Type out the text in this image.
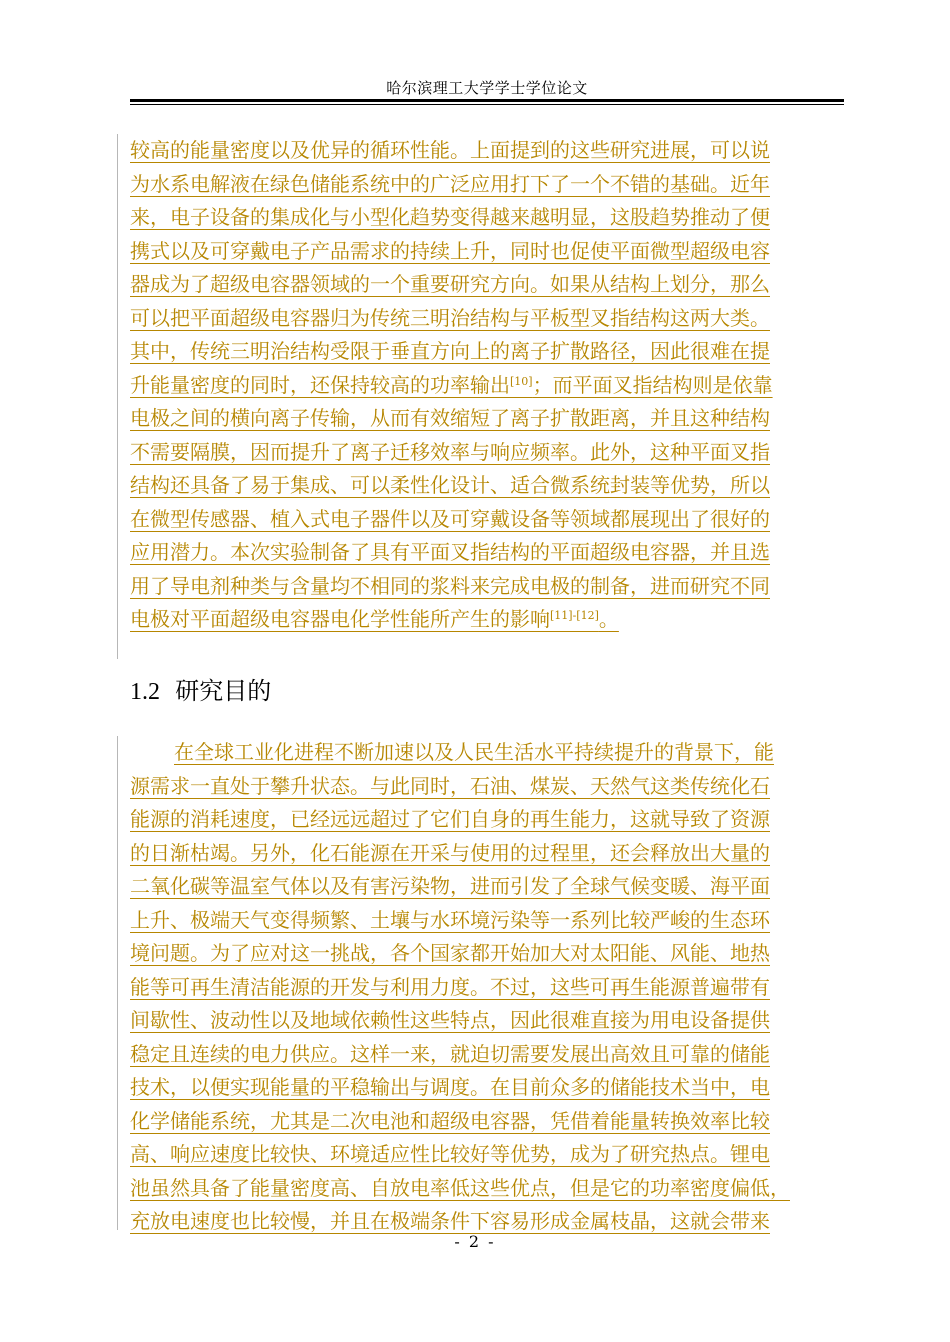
哈尔滨理工大学学士学位论文
较高的能量密度以及优异的循环性能。上面提到的这些研究进展，可以说
为水系电解液在绿色储能系统中的广泛应用打下了一个不错的基础。近年
来，电子设备的集成化与小型化趋势变得越来越明显，这股趋势推动了便
携式以及可穿戴电子产品需求的持续上升，同时也促使平面微型超级电容
器成为了超级电容器领域的一个重要研究方向。如果从结构上划分，那么
可以把平面超级电容器归为传统三明治结构与平板型叉指结构这两大类。
其中，传统三明治结构受限于垂直方向上的离子扩散路径，因此很难在提
升能量密度的同时，还保持较高的功率输出[10]；而平面叉指结构则是依靠
电极之间的横向离子传输，从而有效缩短了离子扩散距离，并且这种结构
不需要隔膜，因而提升了离子迁移效率与响应频率。此外，这种平面叉指
结构还具备了易于集成、可以柔性化设计、适合微系统封装等优势，所以
在微型传感器、植入式电子器件以及可穿戴设备等领域都展现出了很好的
应用潜力。本次实验制备了具有平面叉指结构的平面超级电容器，并且选
用了导电剂种类与含量均不相同的浆料来完成电极的制备，进而研究不同
电极对平面超级电容器电化学性能所产生的影响[11]-[12]。
1.2 研究目的
在全球工业化进程不断加速以及人民生活水平持续提升的背景下，能
源需求一直处于攀升状态。与此同时，石油、煤炭、天然气这类传统化石
能源的消耗速度，已经远远超过了它们自身的再生能力，这就导致了资源
的日渐枯竭。另外，化石能源在开采与使用的过程里，还会释放出大量的
二氧化碳等温室气体以及有害污染物，进而引发了全球气候变暖、海平面
上升、极端天气变得频繁、土壤与水环境污染等一系列比较严峻的生态环
境问题。为了应对这一挑战，各个国家都开始加大对太阳能、风能、地热
能等可再生清洁能源的开发与利用力度。不过，这些可再生能源普遍带有
间歇性、波动性以及地域依赖性这些特点，因此很难直接为用电设备提供
稳定且连续的电力供应。这样一来，就迫切需要发展出高效且可靠的储能
技术，以便实现能量的平稳输出与调度。在目前众多的储能技术当中，电
化学储能系统，尤其是二次电池和超级电容器，凭借着能量转换效率比较
高、响应速度比较快、环境适应性比较好等优势，成为了研究热点。锂电
池虽然具备了能量密度高、自放电率低这些优点，但是它的功率密度偏低，
充放电速度也比较慢，并且在极端条件下容易形成金属枝晶，这就会带来
- 2 -
